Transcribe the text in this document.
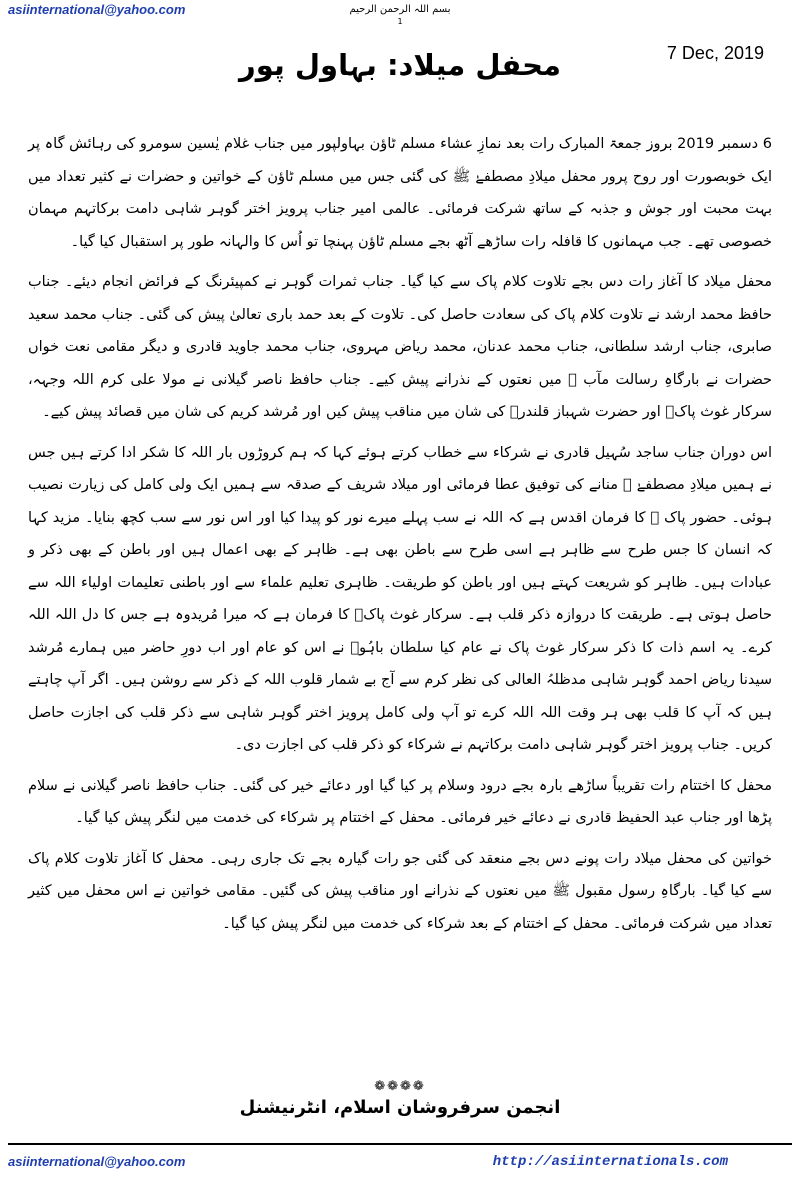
asiinternational@yahoo.com	بسم اللہ الرحمن الرحیم
1
7 Dec, 2019
محفل میلاد: بہاول پور

6 دسمبر 2019 بروز جمعۃ المبارک رات بعد نمازِ عشاء مسلم ٹاؤن بہاولپور میں جناب غلام یٰسین سومرو کی رہائش گاہ پر ایک خوبصورت اور روح پرور محفل میلادِ مصطفےٰ ﷺ کی گئی جس میں مسلم ٹاؤن کے خواتین و حضرات نے کثیر تعداد میں بہت محبت اور جوش و جذبہ کے ساتھ شرکت فرمائی۔ عالمی امیر جناب پرویز اختر گوہر شاہی دامت برکاتہم مہمان خصوصی تھے۔ جب مہمانوں کا قافلہ رات ساڑھے آٹھ بجے مسلم ٹاؤن پہنچا تو اُس کا والہانہ طور پر استقبال کیا گیا۔

محفل میلاد کا آغاز رات دس بجے تلاوت کلام پاک سے کیا گیا۔ جناب ثمرات گوہر نے کمپیئرنگ کے فرائض انجام دیئے۔ جناب حافظ محمد ارشد نے تلاوت کلام پاک کی سعادت حاصل کی۔ تلاوت کے بعد حمد باری تعالیٰ پیش کی گئی۔ جناب محمد سعید صابری، جناب ارشد سلطانی، جناب محمد عدنان، محمد ریاض مہروی، جناب محمد جاوید قادری و دیگر مقامی نعت خواں حضرات نے بارگاہِ رسالت مآب ﷺ میں نعتوں کے نذرانے پیش کیے۔ جناب حافظ ناصر گیلانی نے مولا علی کرم اللہ وجہہ، سرکار غوث پاکؓ اور حضرت شہباز قلندرؒ کی شان میں مناقب پیش کیں اور مُرشد کریم کی شان میں قصائد پیش کیے۔

اس دوران جناب ساجد سُہیل قادری نے شرکاء سے خطاب کرتے ہوئے کہا کہ ہم کروڑوں بار اللہ کا شکر ادا کرتے ہیں جس نے ہمیں میلادِ مصطفےٰ ﷺ منانے کی توفیق عطا فرمائی اور میلاد شریف کے صدقہ سے ہمیں ایک ولی کامل کی زیارت نصیب ہوئی۔ حضور پاک ﷺ کا فرمان اقدس ہے کہ اللہ نے سب پہلے میرے نور کو پیدا کیا اور اس نور سے سب کچھ بنایا۔ مزید کہا کہ انسان کا جس طرح سے ظاہر ہے اسی طرح سے باطن بھی ہے۔ ظاہر کے بھی اعمال ہیں اور باطن کے بھی ذکر و عبادات ہیں۔ ظاہر کو شریعت کہتے ہیں اور باطن کو طریقت۔ ظاہری تعلیم علماء سے اور باطنی تعلیمات اولیاء اللہ سے حاصل ہوتی ہے۔ طریقت کا دروازہ ذکر قلب ہے۔ سرکار غوث پاکؓ کا فرمان ہے کہ میرا مُریدوہ ہے جس کا دل اللہ اللہ کرے۔ یہ اسم ذات کا ذکر سرکار غوث پاک نے عام کیا سلطان باہُوؒ نے اس کو عام اور اب دورِ حاضر میں ہمارے مُرشد سیدنا ریاض احمد گوہر شاہی مدظلہُ العالی کی نظر کرم سے آج بے شمار قلوب اللہ کے ذکر سے روشن ہیں۔ اگر آپ چاہتے ہیں کہ آپ کا قلب بھی ہر وقت اللہ اللہ کرے تو آپ ولی کامل پرویز اختر گوہر شاہی سے ذکر قلب کی اجازت حاصل کریں۔ جناب پرویز اختر گوہر شاہی دامت برکاتہم نے شرکاء کو ذکر قلب کی اجازت دی۔

محفل کا اختتام رات تقریباً ساڑھے بارہ بجے درود وسلام پر کیا گیا اور دعائے خیر کی گئی۔ جناب حافظ ناصر گیلانی نے سلام پڑھا اور جناب عبد الحفیظ قادری نے دعائے خیر فرمائی۔ محفل کے اختتام پر شرکاء کی خدمت میں لنگر پیش کیا گیا۔

خواتین کی محفل میلاد رات پونے دس بجے منعقد کی گئی جو رات گیارہ بجے تک جاری رہی۔ محفل کا آغاز تلاوت کلام پاک سے کیا گیا۔ بارگاہِ رسول مقبول ﷺ میں نعتوں کے نذرانے اور مناقب پیش کی گئیں۔ مقامی خواتین نے اس محفل میں کثیر تعداد میں شرکت فرمائی۔ محفل کے اختتام کے بعد شرکاء کی خدمت میں لنگر پیش کیا گیا۔

❁❁❁❁
انجمن سرفروشان اسلام، انٹرنیشنل
asiinternational@yahoo.com	http://asiinternationals.com
